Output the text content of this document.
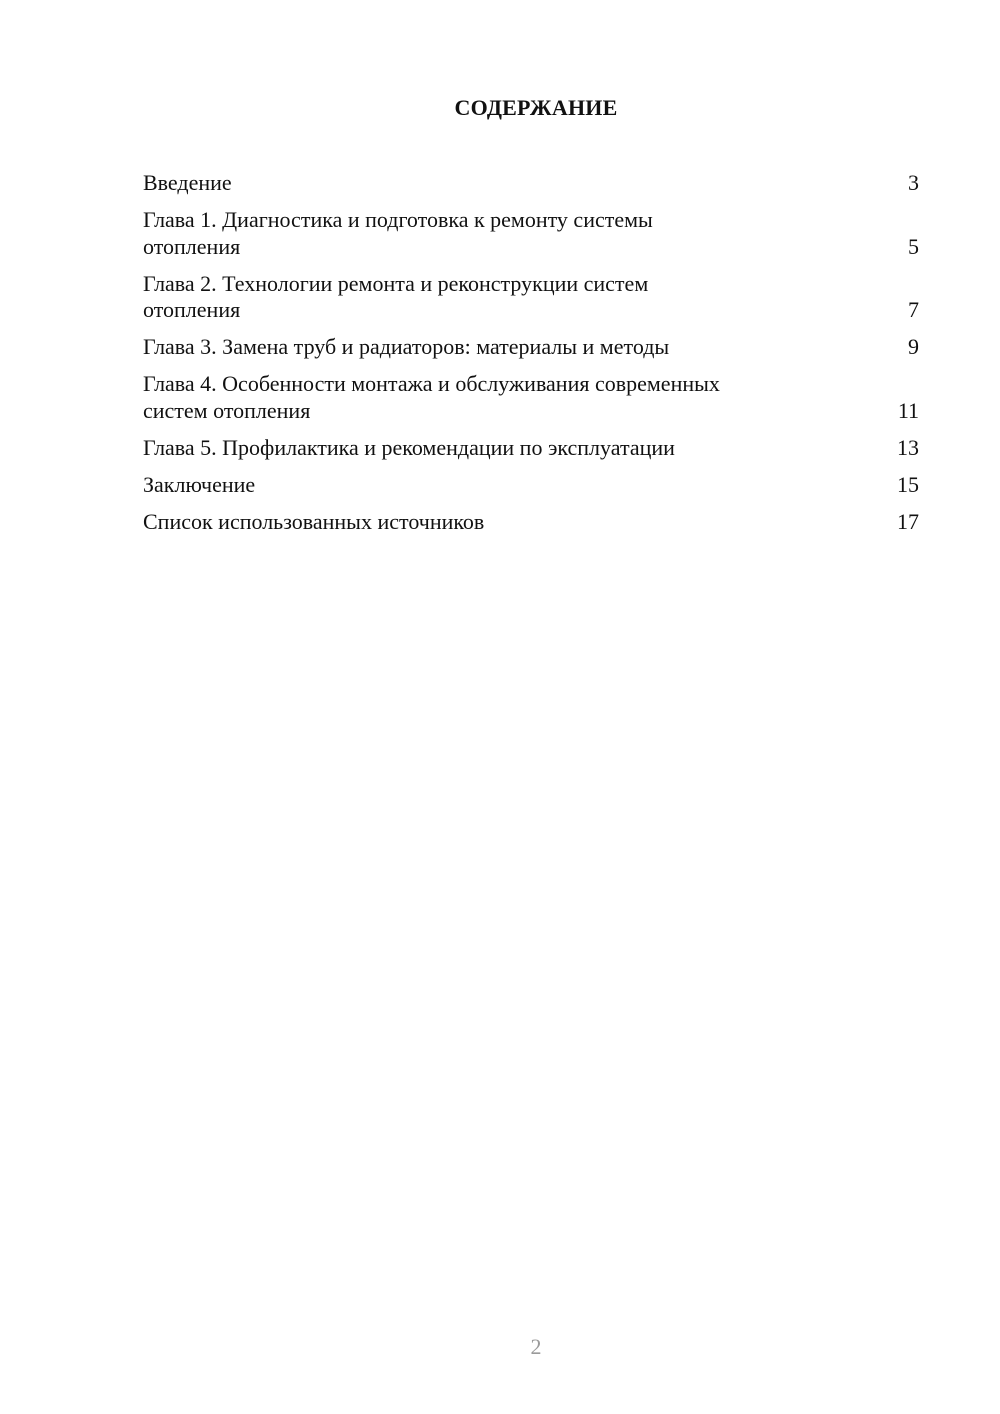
СОДЕРЖАНИЕ
Введение	3
Глава 1. Диагностика и подготовка к ремонту системы
отопления	5
Глава 2. Технологии ремонта и реконструкции систем
отопления	7
Глава 3. Замена труб и радиаторов: материалы и методы	9
Глава 4. Особенности монтажа и обслуживания современных
систем отопления	11
Глава 5. Профилактика и рекомендации по эксплуатации	13
Заключение	15
Список использованных источников	17
2
